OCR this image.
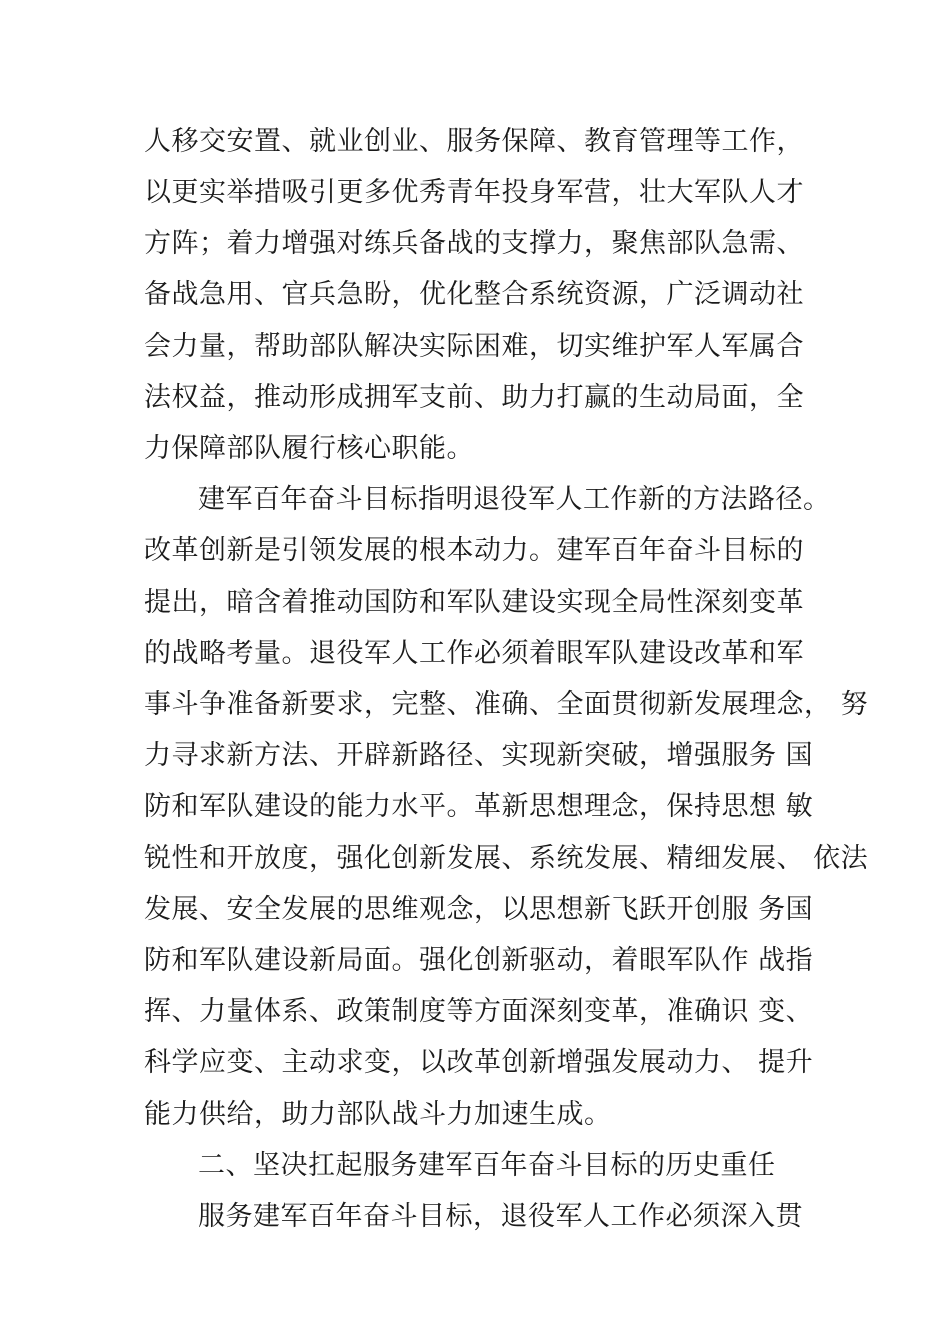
人移交安置、就业创业、服务保障、教育管理等工作，
以更实举措吸引更多优秀青年投身军营，壮大军队人才
方阵；着力增强对练兵备战的支撑力，聚焦部队急需、
备战急用、官兵急盼，优化整合系统资源，广泛调动社
会力量，帮助部队解决实际困难，切实维护军人军属合
法权益，推动形成拥军支前、助力打赢的生动局面，全
力保障部队履行核心职能。
建军百年奋斗目标指明退役军人工作新的方法路径。
改革创新是引领发展的根本动力。建军百年奋斗目标的
提出，暗含着推动国防和军队建设实现全局性深刻变革
的战略考量。退役军人工作必须着眼军队建设改革和军
事斗争准备新要求，完整、准确、全面贯彻新发展理念， 努
力寻求新方法、开辟新路径、实现新突破，增强服务 国
防和军队建设的能力水平。革新思想理念，保持思想 敏
锐性和开放度，强化创新发展、系统发展、精细发展、 依法
发展、安全发展的思维观念，以思想新飞跃开创服 务国
防和军队建设新局面。强化创新驱动，着眼军队作 战指
挥、力量体系、政策制度等方面深刻变革，准确识 变、
科学应变、主动求变，以改革创新增强发展动力、 提升
能力供给，助力部队战斗力加速生成。
二、坚决扛起服务建军百年奋斗目标的历史重任
服务建军百年奋斗目标，退役军人工作必须深入贯
